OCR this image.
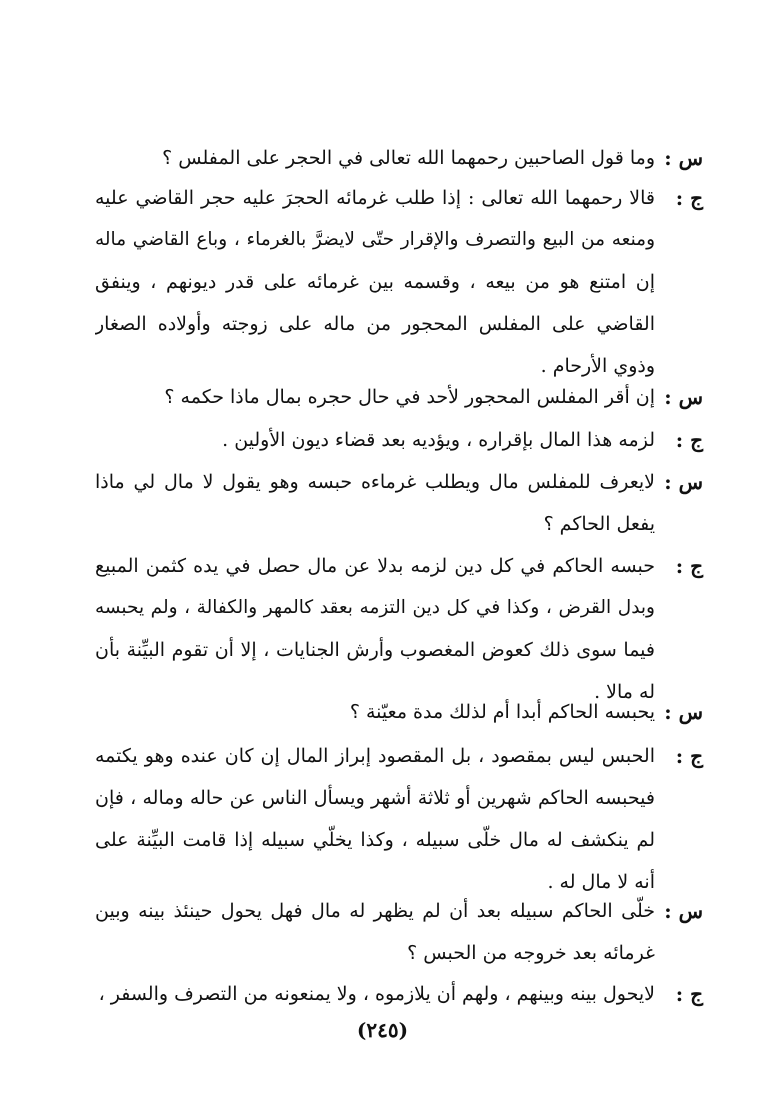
س :
وما قول الصاحبين رحمهما الله تعالى في الحجر على المفلس ؟
ج :
قالا رحمهما الله تعالى : إذا طلب غرمائه الحجرَ عليه حجر القاضي عليه
ومنعه من البيع والتصرف والإقرار حتّى لايضرَّ بالغرماء ، وباع القاضي ماله
إن امتنع هو من بيعه ، وقسمه بين غرمائه على قدر ديونهم ، وينفق
القاضي على المفلس المحجور من ماله على زوجته وأولاده الصغار
وذوي الأرحام .
س :
إن أقر المفلس المحجور لأحد في حال حجره بمال ماذا حكمه ؟
ج :
لزمه هذا المال بإقراره ، ويؤديه بعد قضاء ديون الأولين .
س :
لايعرف للمفلس مال ويطلب غرماءه حبسه وهو يقول لا مال لي ماذا
يفعل الحاكم ؟
ج :
حبسه الحاكم في كل دين لزمه بدلا عن مال حصل في يده كثمن المبيع
وبدل القرض ، وكذا في كل دين التزمه بعقد كالمهر والكفالة ، ولم يحبسه
فيما سوى ذلك كعوض المغصوب وأرش الجنايات ، إلا أن تقوم البيِّنة بأن
له مالا .
س :
يحبسه الحاكم أبدا أم لذلك مدة معيّنة ؟
ج :
الحبس ليس بمقصود ، بل المقصود إبراز المال إن كان عنده وهو يكتمه
فيحبسه الحاكم شهرين أو ثلاثة أشهر ويسأل الناس عن حاله وماله ، فإن
لم ينكشف له مال خلّى سبيله ، وكذا يخلّي سبيله إذا قامت البيِّنة على
أنه لا مال له .
س :
خلّى الحاكم سبيله بعد أن لم يظهر له مال فهل يحول حينئذ بينه وبين
غرمائه بعد خروجه من الحبس ؟
ج :
لايحول بينه وبينهم ، ولهم أن يلازموه ، ولا يمنعونه من التصرف والسفر ،
(٢٤٥)
